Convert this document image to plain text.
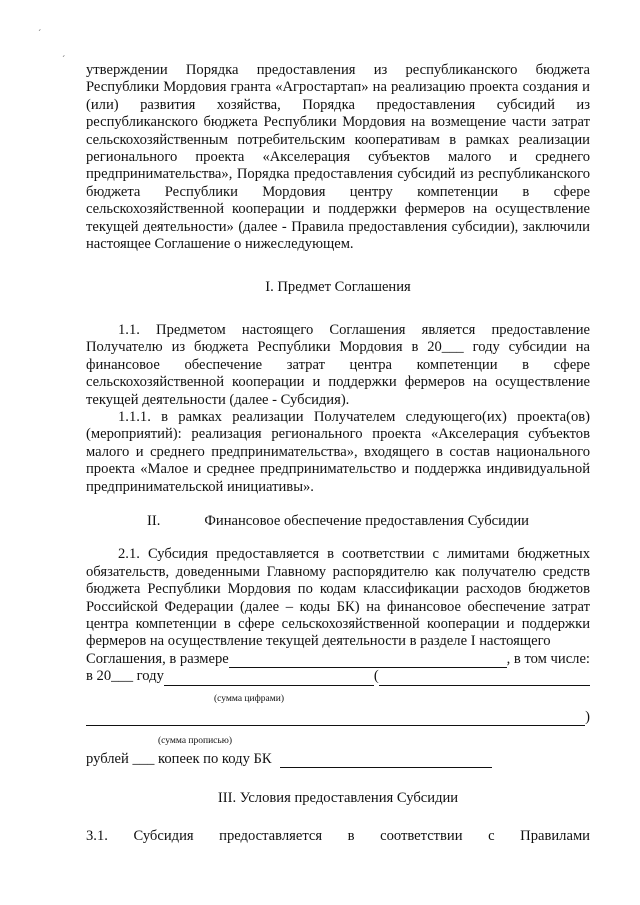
ˊ
ˊ

утверждении Порядка предоставления из республиканского бюджета Республики Мордовия гранта «Агростартап» на реализацию проекта создания и (или) развития хозяйства, Порядка предоставления субсидий из республиканского бюджета Республики Мордовия на возмещение части затрат сельскохозяйственным потребительским кооперативам в рамках реализации регионального проекта «Акселерация субъектов малого и среднего предпринимательства», Порядка предоставления субсидий из республиканского бюджета Республики Мордовия центру компетенции в сфере сельскохозяйственной кооперации и поддержки фермеров на осуществление текущей деятельности» (далее - Правила предоставления субсидии), заключили настоящее Соглашение о нижеследующем.

I. Предмет Соглашения

1.1. Предметом настоящего Соглашения является предоставление Получателю из бюджета Республики Мордовия в 20___ году субсидии на финансовое обеспечение затрат центра компетенции в сфере сельскохозяйственной кооперации и поддержки фермеров на осуществление текущей деятельности (далее - Субсидия).

1.1.1. в рамках реализации Получателем следующего(их) проекта(ов) (мероприятий): реализация регионального проекта «Акселерация субъектов малого и среднего предпринимательства», входящего в состав национального проекта «Малое и среднее предпринимательство и поддержка индивидуальной предпринимательской инициативы».

II.	Финансовое обеспечение предоставления Субсидии

2.1. Субсидия предоставляется в соответствии с лимитами бюджетных обязательств, доведенными Главному распорядителю как получателю средств бюджета Республики Мордовия по кодам классификации расходов бюджетов Российской Федерации (далее – коды БК) на финансовое обеспечение затрат центра компетенции в сфере сельскохозяйственной кооперации и поддержки фермеров на осуществление текущей деятельности в разделе I настоящего

Соглашения, в размере	, в том числе:
в 20___ году	(
(сумма цифрами)
)
(сумма прописью)
рублей ___ копеек по коду БК

III. Условия предоставления Субсидии

3.1. Субсидия предоставляется в соответствии с Правилами
